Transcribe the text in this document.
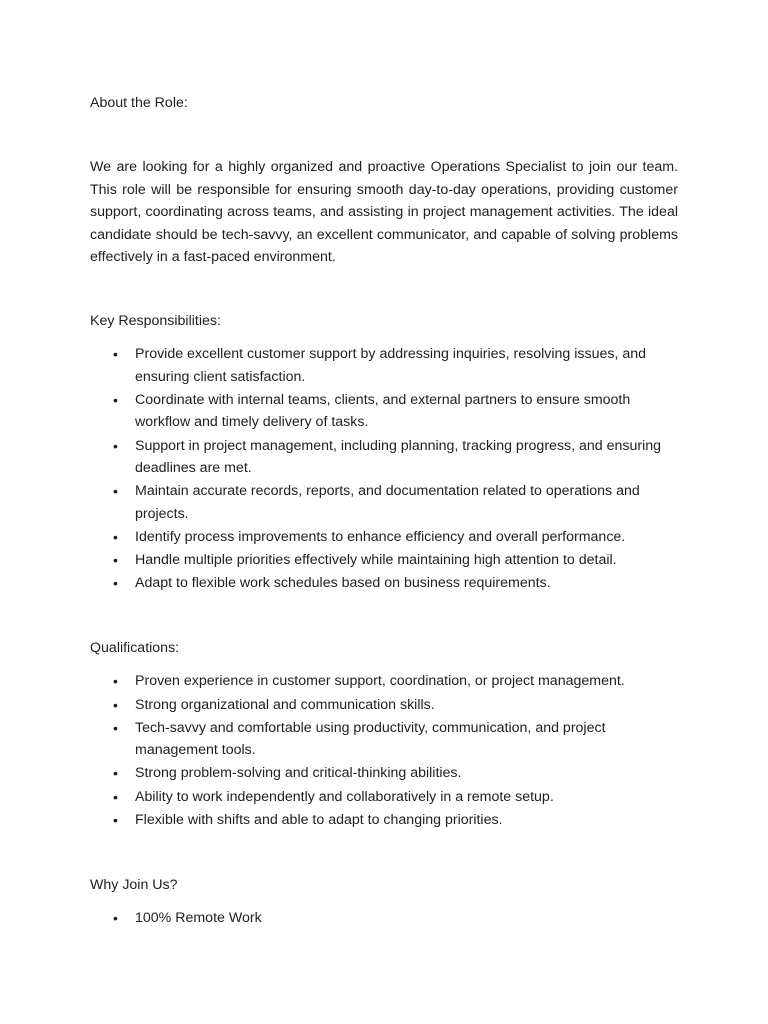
About the Role:

We are looking for a highly organized and proactive Operations Specialist to join our team. This role will be responsible for ensuring smooth day-to-day operations, providing customer support, coordinating across teams, and assisting in project management activities. The ideal candidate should be tech-savvy, an excellent communicator, and capable of solving problems effectively in a fast-paced environment.

Key Responsibilities:

• Provide excellent customer support by addressing inquiries, resolving issues, and ensuring client satisfaction.
• Coordinate with internal teams, clients, and external partners to ensure smooth workflow and timely delivery of tasks.
• Support in project management, including planning, tracking progress, and ensuring deadlines are met.
• Maintain accurate records, reports, and documentation related to operations and projects.
• Identify process improvements to enhance efficiency and overall performance.
• Handle multiple priorities effectively while maintaining high attention to detail.
• Adapt to flexible work schedules based on business requirements.

Qualifications:

• Proven experience in customer support, coordination, or project management.
• Strong organizational and communication skills.
• Tech-savvy and comfortable using productivity, communication, and project management tools.
• Strong problem-solving and critical-thinking abilities.
• Ability to work independently and collaboratively in a remote setup.
• Flexible with shifts and able to adapt to changing priorities.

Why Join Us?

• 100% Remote Work
